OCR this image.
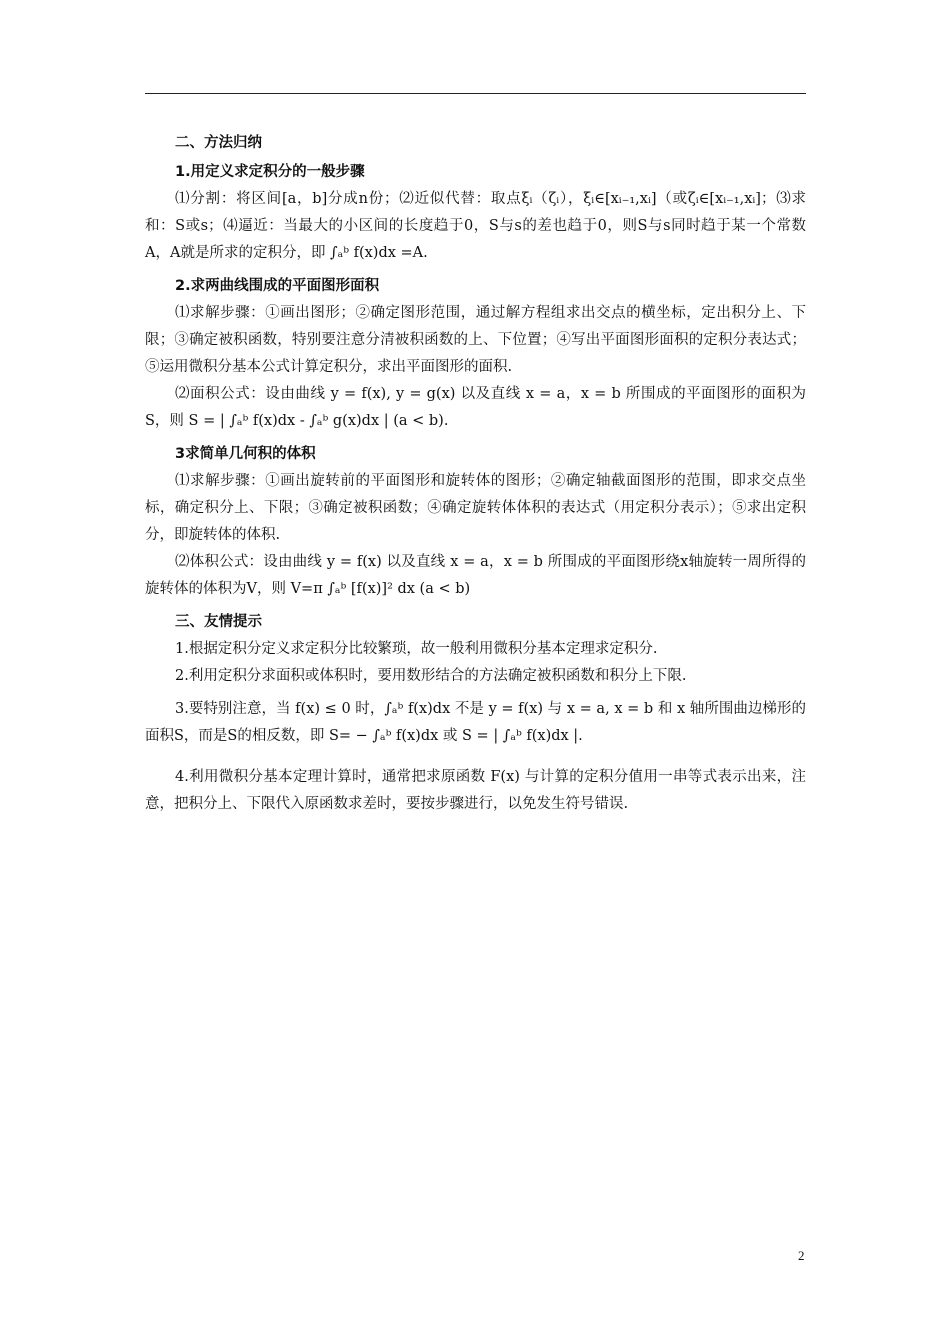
二、方法归纳

1.用定义求定积分的一般步骤

⑴分割：将区间[a，b]分成n份；⑵近似代替：取点ξᵢ（ζᵢ），ξᵢ∈[xᵢ₋₁,xᵢ]（或ζᵢ∈[xᵢ₋₁,xᵢ]；⑶求和：S或s；⑷逼近：当最大的小区间的长度趋于0，S与s的差也趋于0，则S与s同时趋于某一个常数A，A就是所求的定积分，即 ∫ₐᵇ f(x)dx =A.

2.求两曲线围成的平面图形面积

⑴求解步骤：①画出图形；②确定图形范围，通过解方程组求出交点的横坐标，定出积分上、下限；③确定被积函数，特别要注意分清被积函数的上、下位置；④写出平面图形面积的定积分表达式；⑤运用微积分基本公式计算定积分，求出平面图形的面积.

⑵面积公式：设由曲线 y = f(x), y = g(x) 以及直线 x = a，x = b 所围成的平面图形的面积为S，则 S = | ∫ₐᵇ f(x)dx - ∫ₐᵇ g(x)dx | (a < b).

3求简单几何积的体积

⑴求解步骤：①画出旋转前的平面图形和旋转体的图形；②确定轴截面图形的范围，即求交点坐标，确定积分上、下限；③确定被积函数；④确定旋转体体积的表达式（用定积分表示）；⑤求出定积分，即旋转体的体积.

⑵体积公式：设由曲线 y = f(x) 以及直线 x = a，x = b 所围成的平面图形绕x轴旋转一周所得的旋转体的体积为V，则 V=π ∫ₐᵇ [f(x)]² dx (a < b)

三、友情提示

1.根据定积分定义求定积分比较繁琐，故一般利用微积分基本定理求定积分.

2.利用定积分求面积或体积时，要用数形结合的方法确定被积函数和积分上下限.

3.要特别注意，当 f(x) ≤ 0 时，∫ₐᵇ f(x)dx 不是 y = f(x) 与 x = a, x = b 和 x 轴所围曲边梯形的面积S，而是S的相反数，即 S= − ∫ₐᵇ f(x)dx 或 S = | ∫ₐᵇ f(x)dx |.

4.利用微积分基本定理计算时，通常把求原函数 F(x) 与计算的定积分值用一串等式表示出来，注意，把积分上、下限代入原函数求差时，要按步骤进行，以免发生符号错误.

2
